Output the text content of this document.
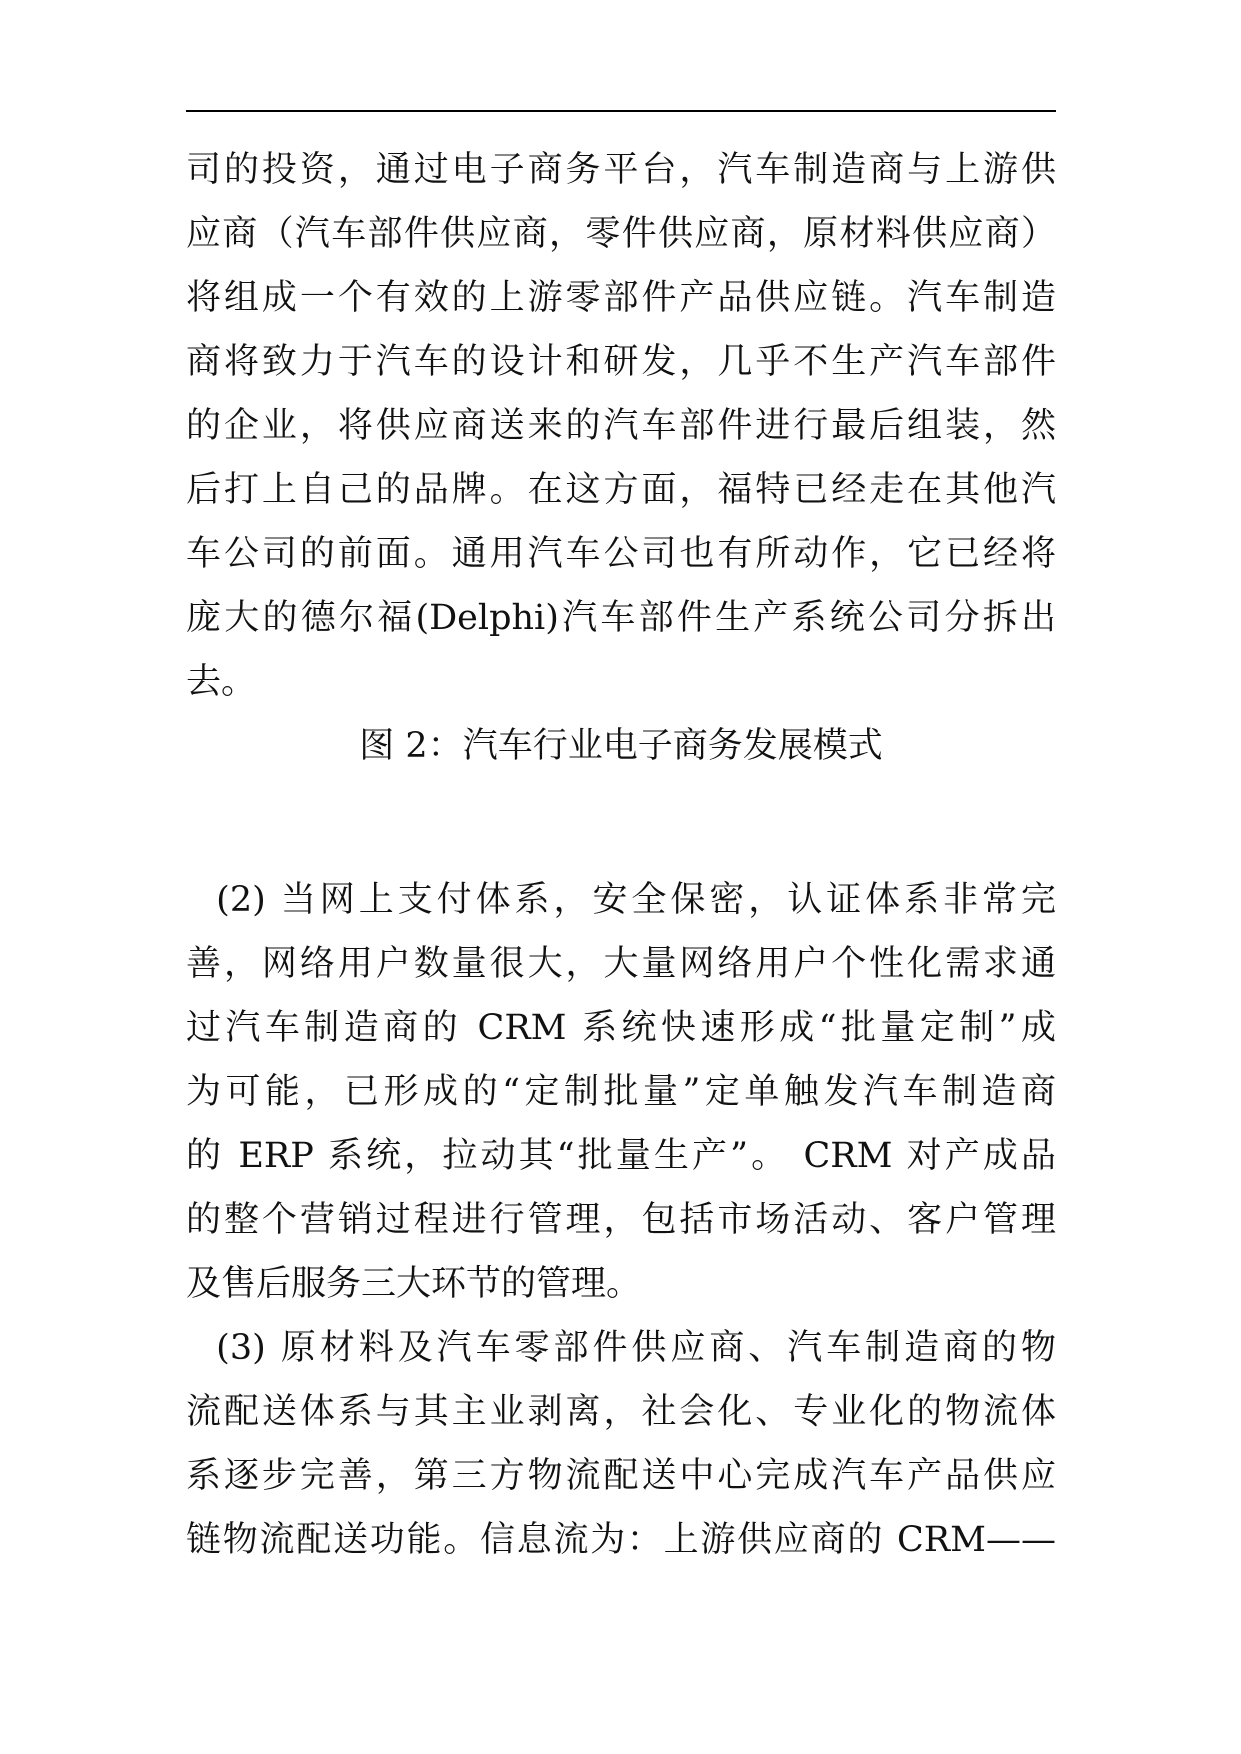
司的投资，通过电子商务平台，汽车制造商与上游供
应商（汽车部件供应商，零件供应商，原材料供应商）
将组成一个有效的上游零部件产品供应链。汽车制造
商将致力于汽车的设计和研发，几乎不生产汽车部件
的企业，将供应商送来的汽车部件进行最后组装，然
后打上自己的品牌。在这方面，福特已经走在其他汽
车公司的前面。通用汽车公司也有所动作，它已经将
庞大的德尔福(Delphi)汽车部件生产系统公司分拆出
去。
图 2：汽车行业电子商务发展模式
(2) 当网上支付体系，安全保密，认证体系非常完
善，网络用户数量很大，大量网络用户个性化需求通
过汽车制造商的 CRM 系统快速形成“批量定制”成
为可能，已形成的“定制批量”定单触发汽车制造商
的 ERP 系统，拉动其“批量生产”。 CRM 对产成品
的整个营销过程进行管理，包括市场活动、客户管理
及售后服务三大环节的管理。
(3) 原材料及汽车零部件供应商、汽车制造商的物
流配送体系与其主业剥离，社会化、专业化的物流体
系逐步完善，第三方物流配送中心完成汽车产品供应
链物流配送功能。信息流为：上游供应商的 CRM——
